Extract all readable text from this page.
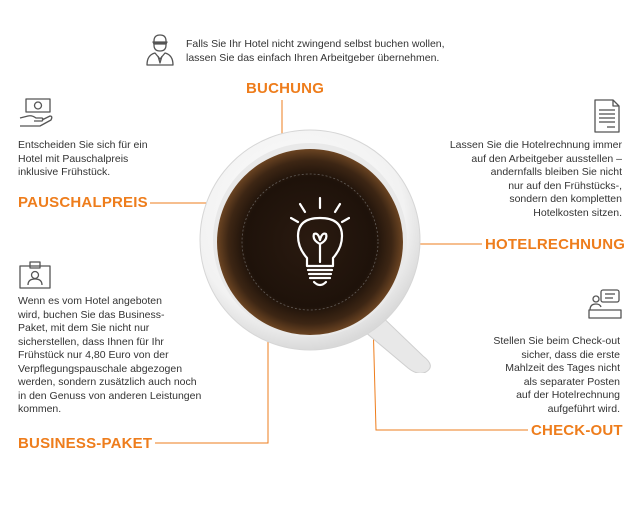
Falls Sie Ihr Hotel nicht zwingend selbst buchen wollen,
lassen Sie das einfach Ihren Arbeitgeber übernehmen.
BUCHUNG
Entscheiden Sie sich für ein
Hotel mit Pauschalpreis
inklusive Frühstück.
PAUSCHALPREIS
Lassen Sie die Hotelrechnung immer
auf den Arbeitgeber ausstellen –
andernfalls bleiben Sie nicht
nur auf den Frühstücks-,
sondern den kompletten
Hotelkosten sitzen.
HOTELRECHNUNG
Wenn es vom Hotel angeboten
wird, buchen Sie das Business-
Paket, mit dem Sie nicht nur
sicherstellen, dass Ihnen für Ihr
Frühstück nur 4,80 Euro von der
Verpflegungspauschale abgezogen
werden, sondern zusätzlich auch noch
in den Genuss von anderen Leistungen
kommen.
BUSINESS-PAKET
Stellen Sie beim Check-out
sicher, dass die erste
Mahlzeit des Tages nicht
als separater Posten
auf der Hotelrechnung
aufgeführt wird.
CHECK-OUT
